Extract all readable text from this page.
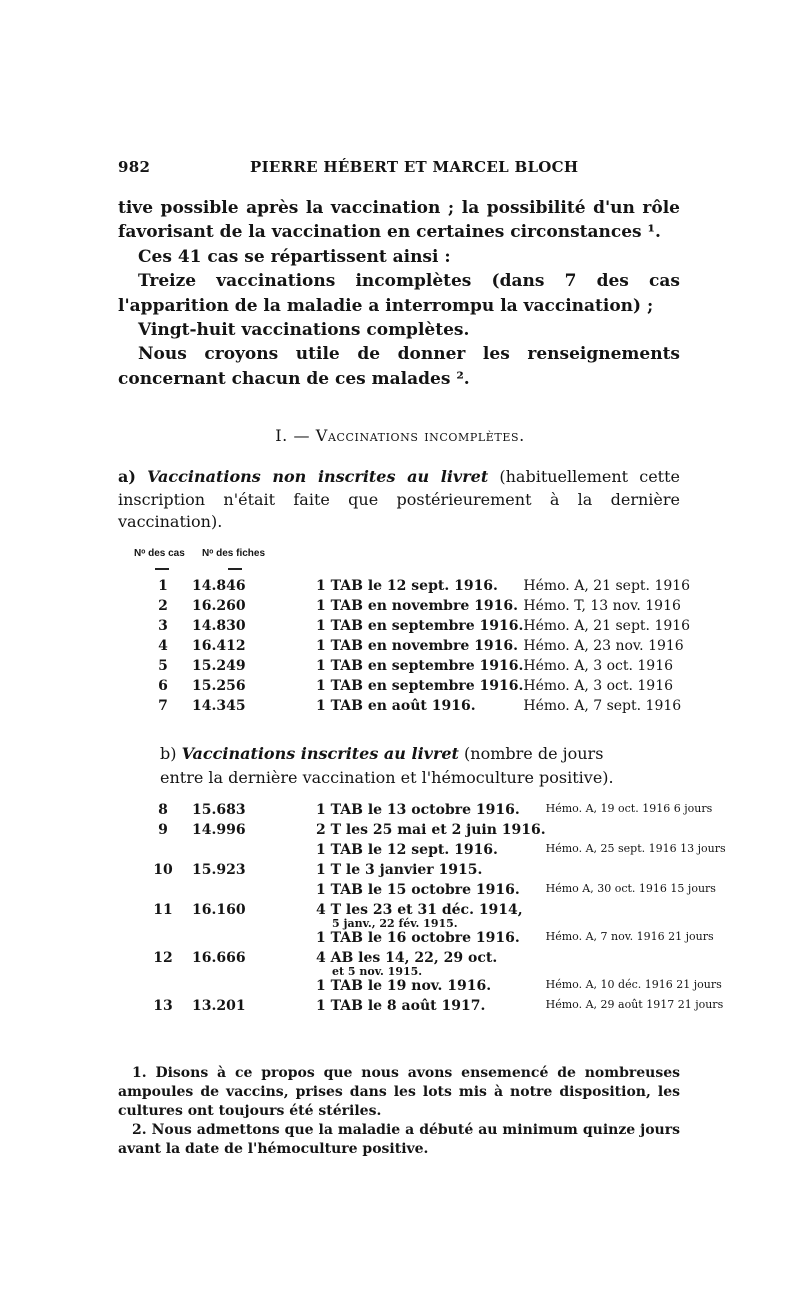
982	PIERRE HÉBERT ET MARCEL BLOCH

tive possible après la vaccination ; la possibilité d'un rôle favorisant de la vaccination en certaines circonstances ¹.

Ces 41 cas se répartissent ainsi :

Treize vaccinations incomplètes (dans 7 des cas l'apparition de la maladie a interrompu la vaccination) ;

Vingt-huit vaccinations complètes.

Nous croyons utile de donner les renseignements concernant chacun de ces malades ².

I. — Vaccinations incomplètes.
a) Vaccinations non inscrites au livret (habituellement cette inscription n'était faite que postérieurement à la dernière vaccination).
Nᵒ des cas Nᵒ des fiches
1	14.846	1 TAB le 12 sept. 1916.	Hémo. A, 21 sept. 1916
2	16.260	1 TAB en novembre 1916.	Hémo. T, 13 nov. 1916
3	14.830	1 TAB en septembre 1916.	Hémo. A, 21 sept. 1916
4	16.412	1 TAB en novembre 1916.	Hémo. A, 23 nov. 1916
5	15.249	1 TAB en septembre 1916.	Hémo. A, 3 oct. 1916
6	15.256	1 TAB en septembre 1916.	Hémo. A, 3 oct. 1916
7	14.345	1 TAB en août 1916.	Hémo. A, 7 sept. 1916

b) Vaccinations inscrites au livret (nombre de jours

entre la dernière vaccination et l'hémoculture positive).

8	15.683	1 TAB le 13 octobre 1916.	Hémo. A, 19 oct. 1916 6 jours
9	14.996	2 T les 25 mai et 2 juin 1916.	
		1 TAB le 12 sept. 1916.	Hémo. A, 25 sept. 1916 13 jours
10	15.923	1 T le 3 janvier 1915.	
		1 TAB le 15 octobre 1916.	Hémo A, 30 oct. 1916 15 jours
11	16.160	4 T les 23 et 31 déc. 1914,
5 janv., 22 fév. 1915.	

		1 TAB le 16 octobre 1916.	Hémo. A, 7 nov. 1916 21 jours
12	16.666	4 AB les 14, 22, 29 oct.
et 5 nov. 1915.	

		1 TAB le 19 nov. 1916.	Hémo. A, 10 déc. 1916 21 jours
13	13.201	1 TAB le 8 août 1917.	Hémo. A, 29 août 1917 21 jours

1. Disons à ce propos que nous avons ensemencé de nombreuses ampoules de vaccins, prises dans les lots mis à notre disposition, les cultures ont toujours été stériles.

2. Nous admettons que la maladie a débuté au minimum quinze jours avant la date de l'hémoculture positive.
